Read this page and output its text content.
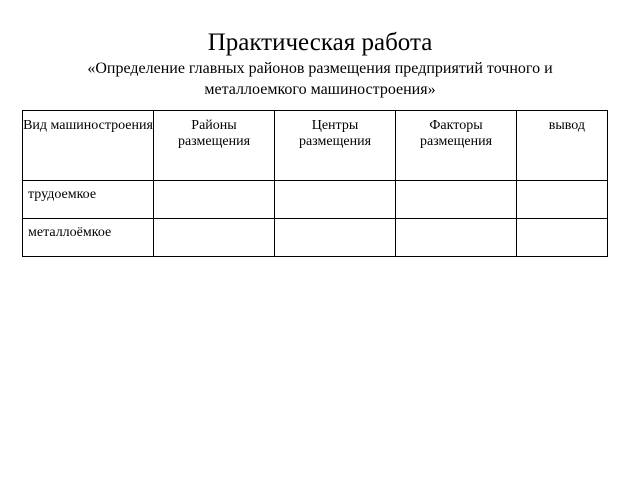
Практическая работа
«Определение главных районов размещения предприятий точного и металлоемкого машиностроения»
Вид машиностроения	Районы размещения	Центры размещения	Факторы размещения	вывод
трудоемкое				
металлоёмкое				
